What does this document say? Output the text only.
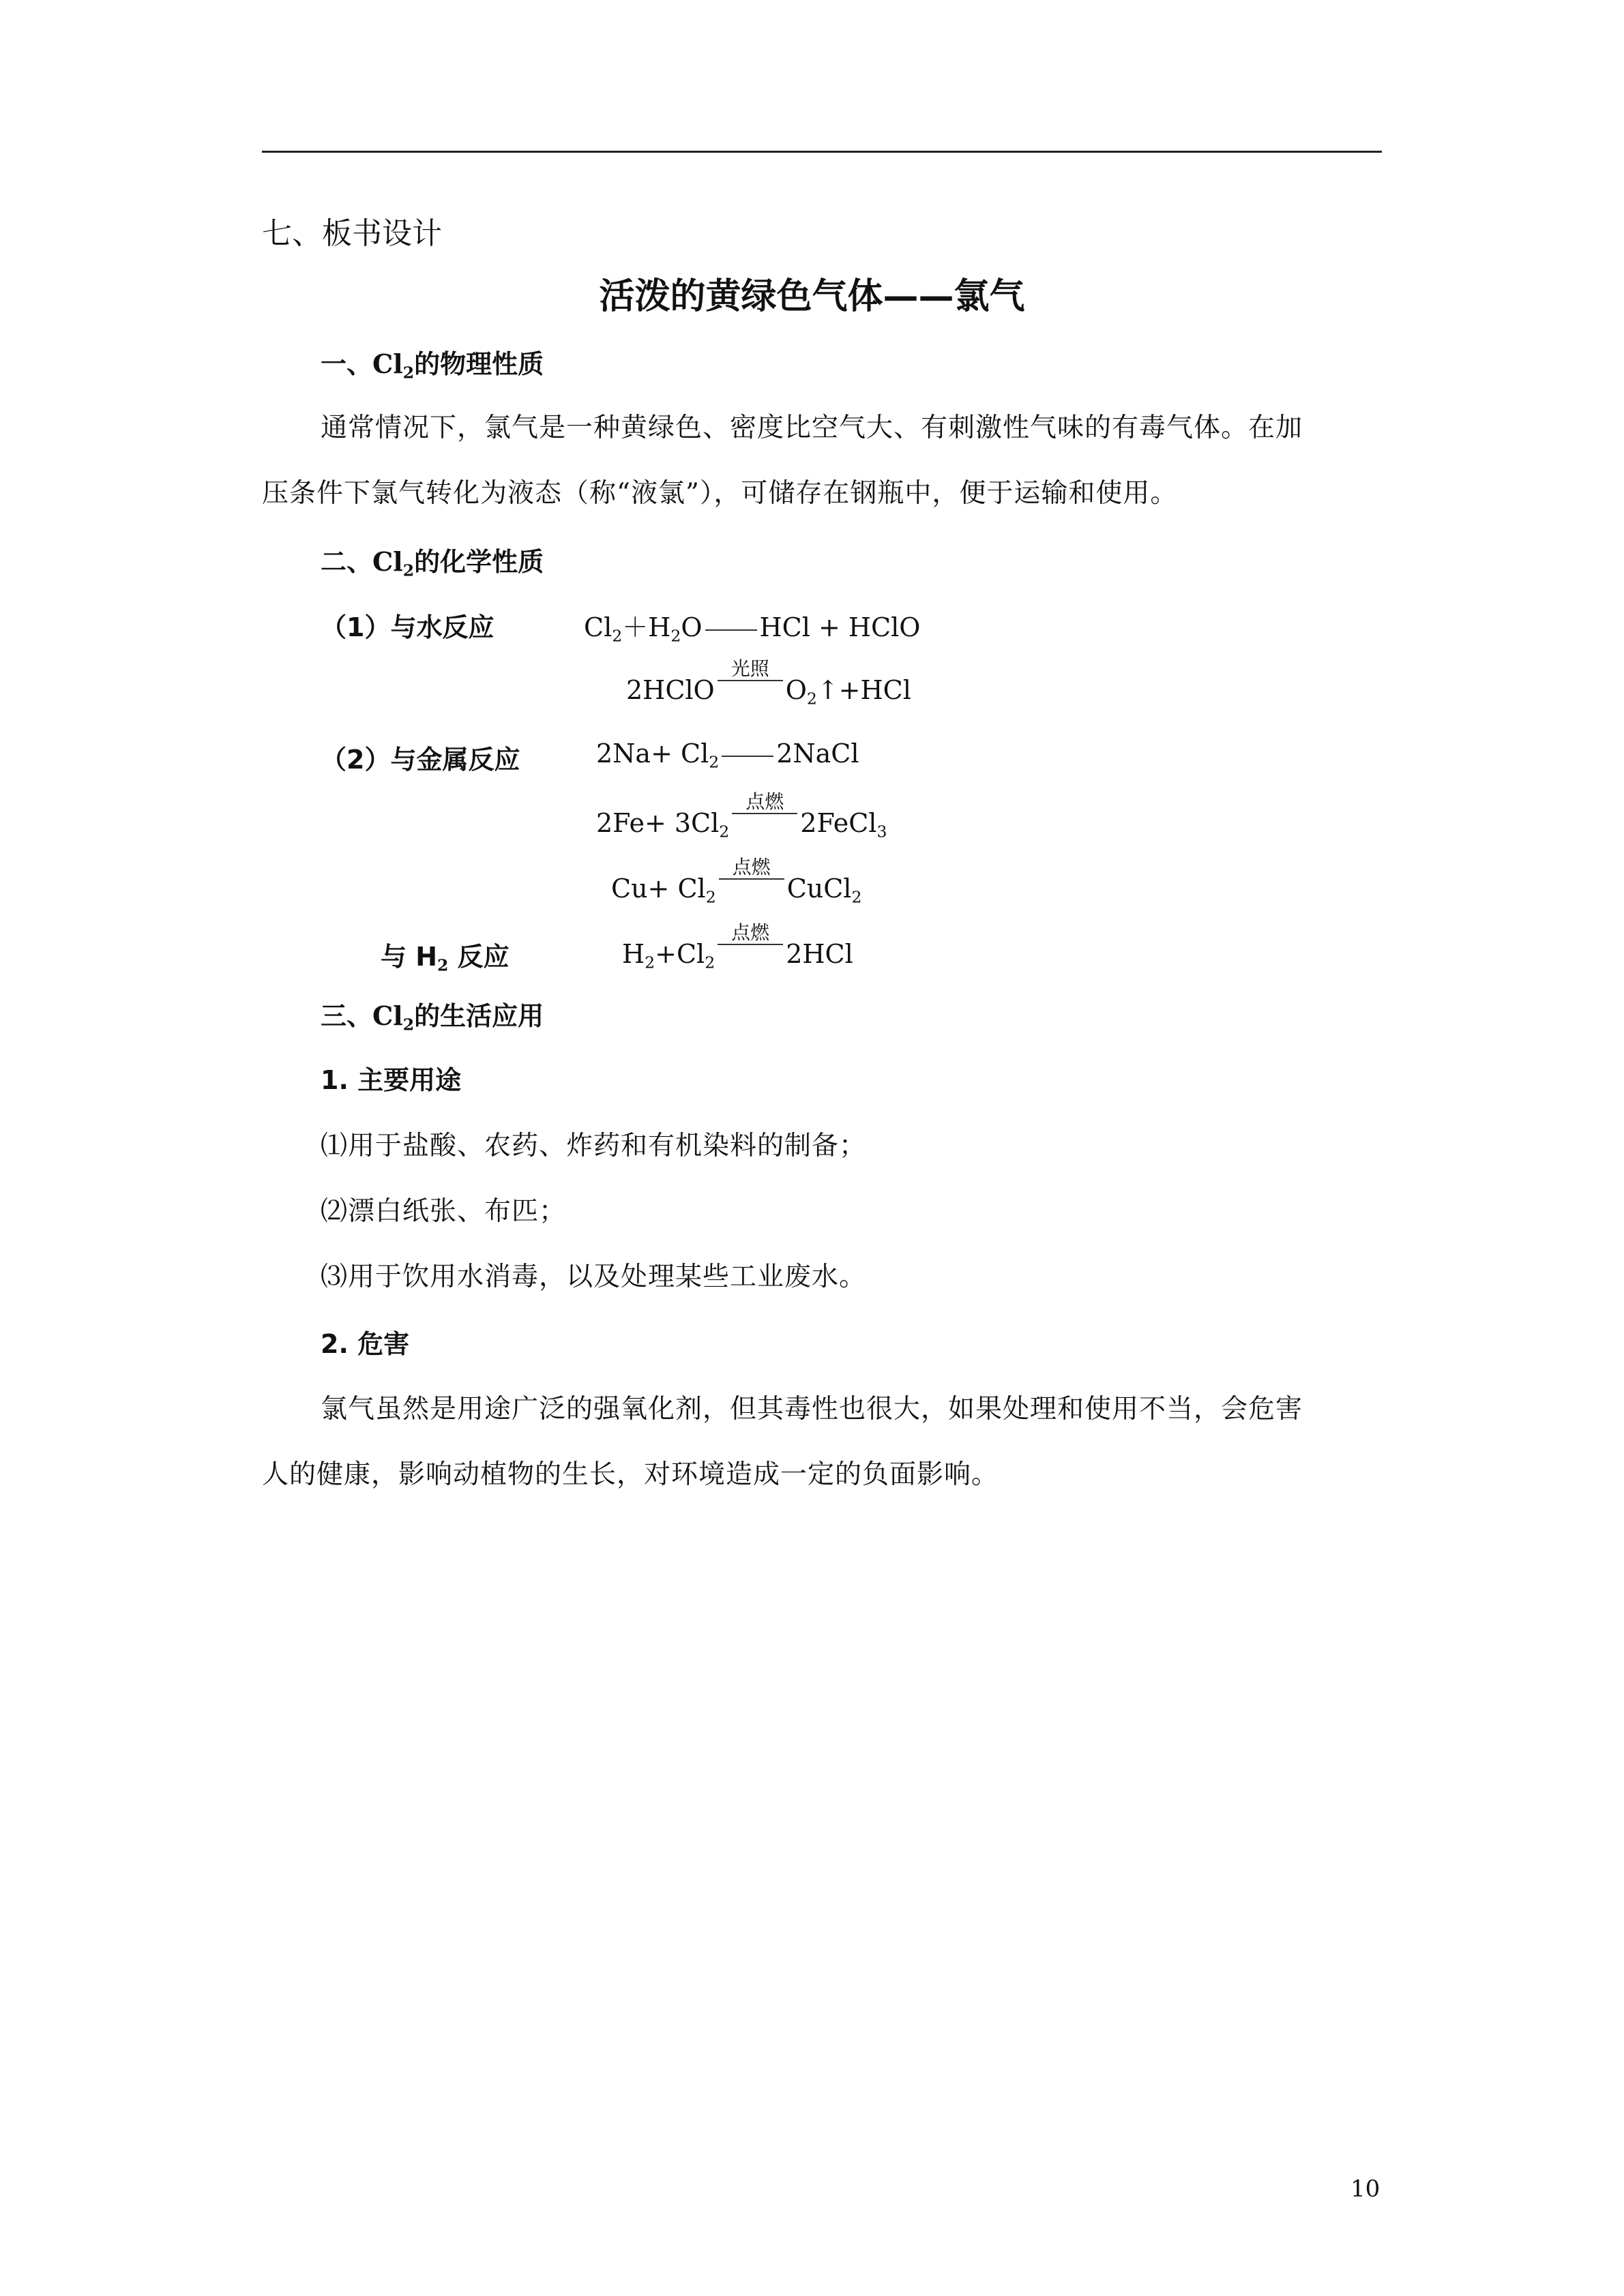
七、板书设计
活泼的黄绿色气体——氯气
一、$Cl_2$的物理性质
通常情况下，氯气是一种黄绿色、密度比空气大、有刺激性气味的有毒气体。在加
压条件下氯气转化为液态（称“液氯”），可储存在钢瓶中，便于运输和使用。
二、$Cl_2$的化学性质
（1）与水反应	$Cl_2+H_2O$ HCl + HClO
2HClO
光照
$O_2↑+HCl$
（2）与金属反应	$2Na+ Cl_2$ 2NaCl
$2Fe+ 3Cl_2$
点燃
2FeCl$_3$
$Cu+ Cl_2$
点燃
CuCl$_2$
与 $H_2$ 反应	$H_2+Cl_2$
点燃
2HCl
三、$Cl_2$的生活应用
1. 主要用途
⑴用于盐酸、农药、炸药和有机染料的制备；
⑵漂白纸张、布匹；
⑶用于饮用水消毒，以及处理某些工业废水。
2. 危害
氯气虽然是用途广泛的强氧化剂，但其毒性也很大，如果处理和使用不当，会危害
人的健康，影响动植物的生长，对环境造成一定的负面影响。
10
